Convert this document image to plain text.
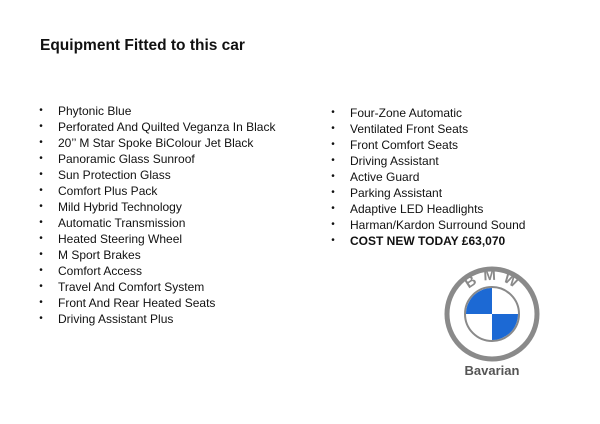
Equipment Fitted to this car
• Phytonic Blue
• Perforated And Quilted Veganza In Black
• 20’’ M Star Spoke BiColour Jet Black
• Panoramic Glass Sunroof
• Sun Protection Glass
• Comfort Plus Pack
• Mild Hybrid Technology
• Automatic Transmission
• Heated Steering Wheel
• M Sport Brakes
• Comfort Access
• Travel And Comfort System
• Front And Rear Heated Seats
• Driving Assistant Plus
• Four-Zone Automatic
• Ventilated Front Seats
• Front Comfort Seats
• Driving Assistant
• Active Guard
• Parking Assistant
• Adaptive LED Headlights
• Harman/Kardon Surround Sound
• COST NEW TODAY £63,070
B M W
Bavarian
